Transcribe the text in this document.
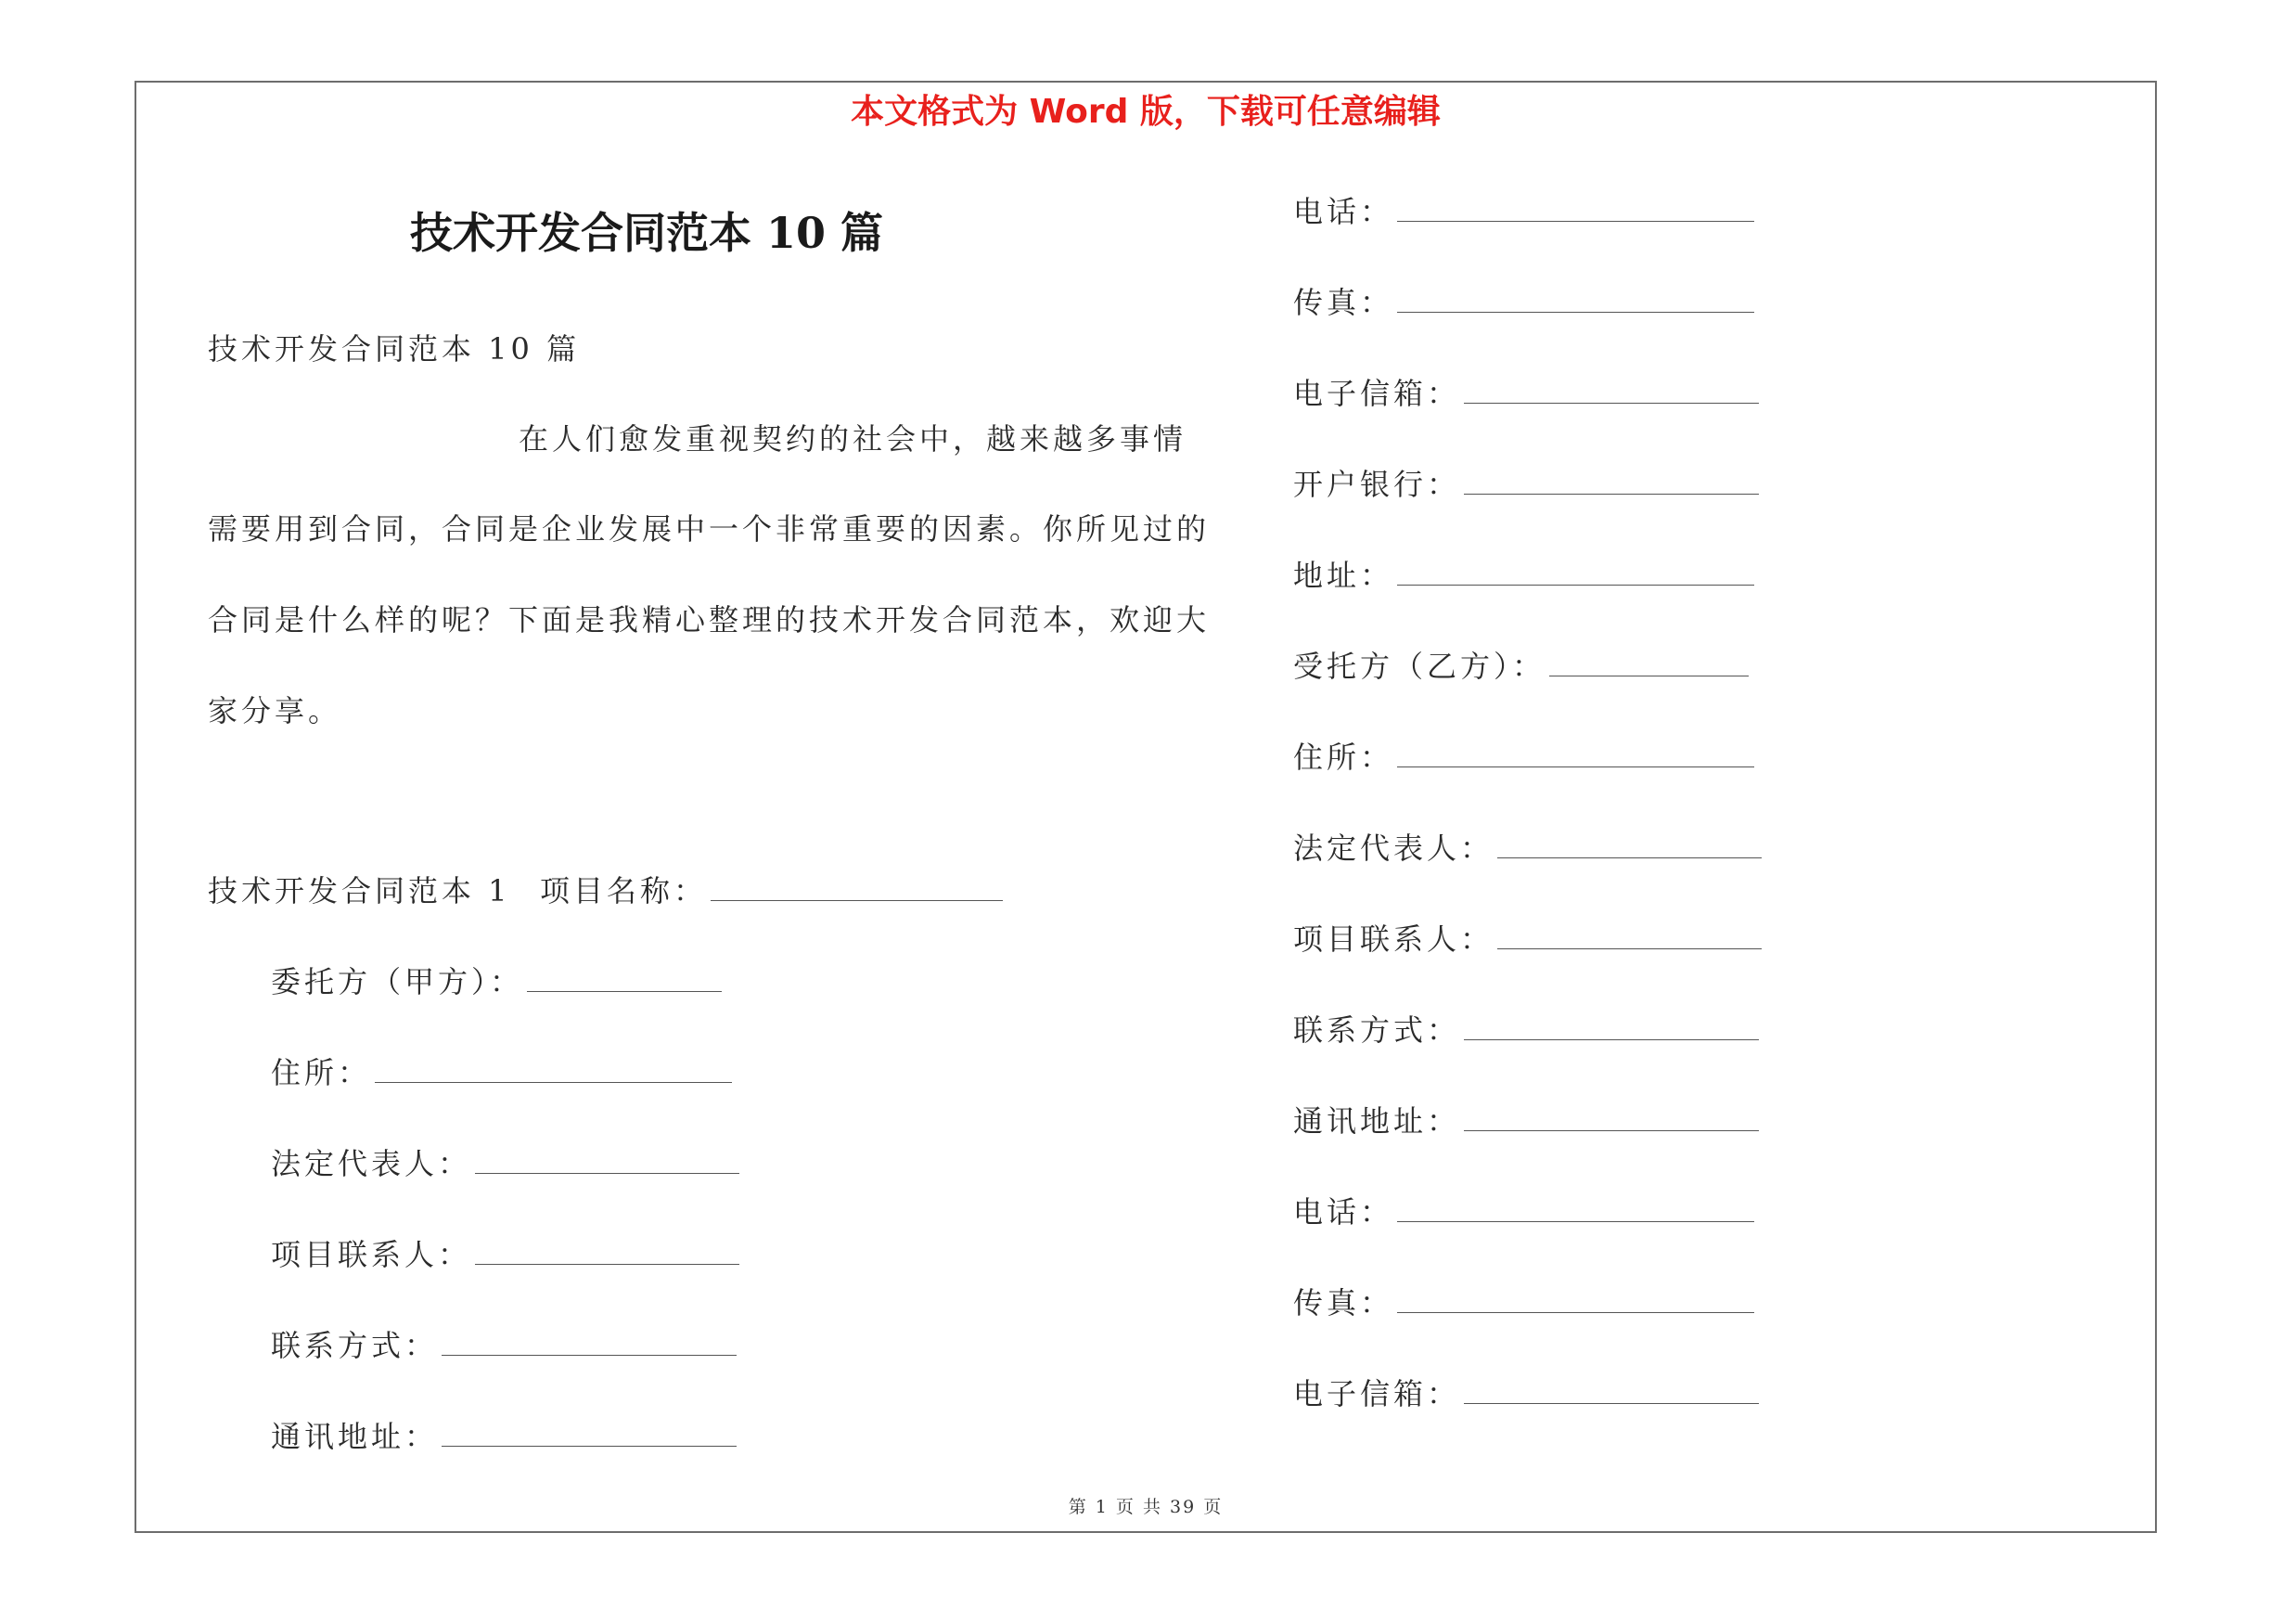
本文格式为 Word 版，下载可任意编辑
技术开发合同范本 10 篇
技术开发合同范本 10 篇
在人们愈发重视契约的社会中，越来越多事情
需要用到合同，合同是企业发展中一个非常重要的因素。你所见过的
合同是什么样的呢？下面是我精心整理的技术开发合同范本，欢迎大
家分享。
技术开发合同范本 1 项目名称：
委托方（甲方）：
住所：
法定代表人：
项目联系人：
联系方式：
通讯地址：
电话：
传真：
电子信箱：
开户银行：
地址：
受托方（乙方）：
住所：
法定代表人：
项目联系人：
联系方式：
通讯地址：
电话：
传真：
电子信箱：
第 1 页 共 39 页
